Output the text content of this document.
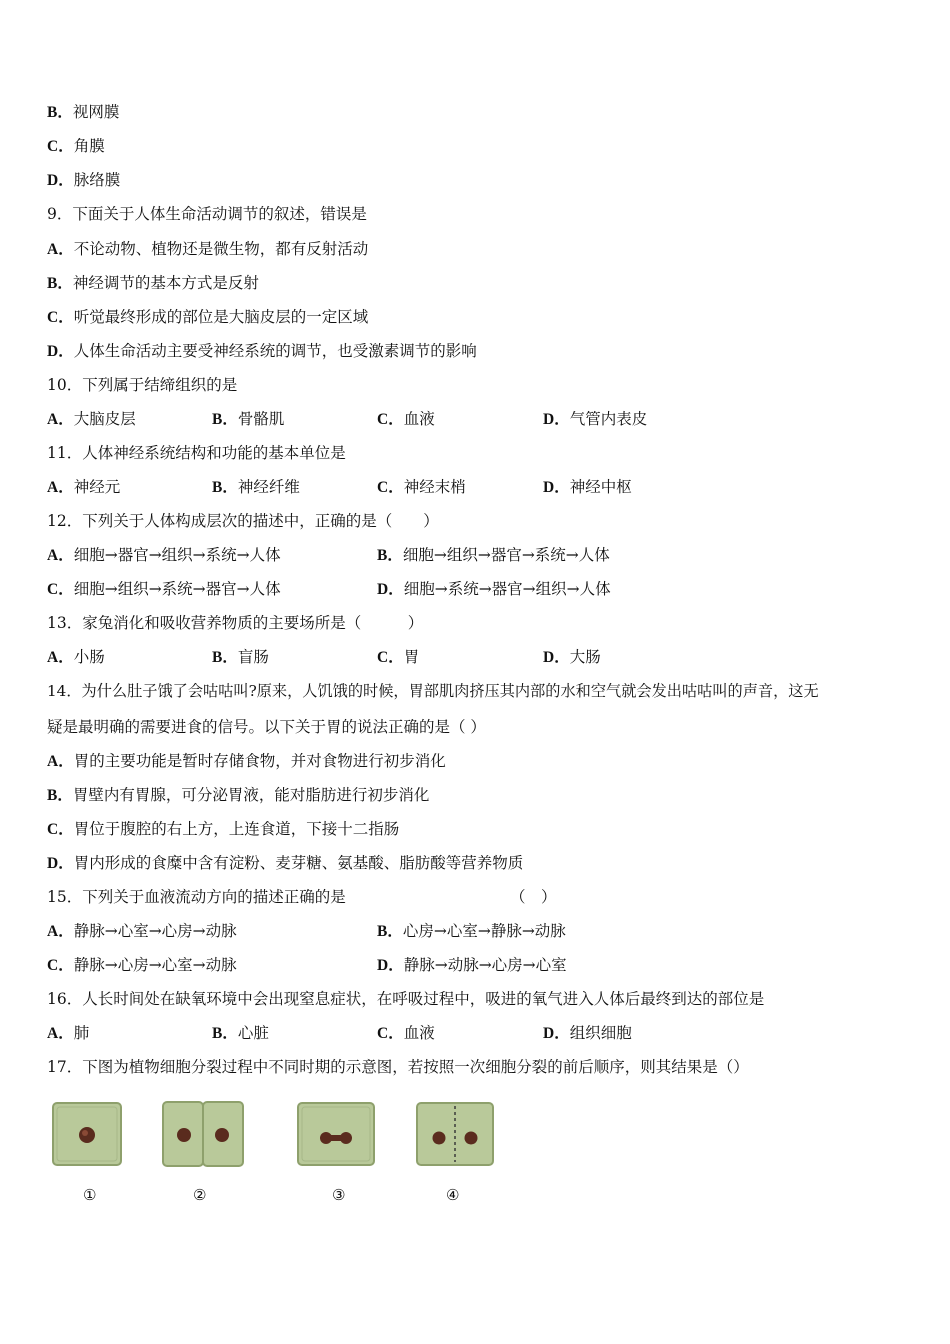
B．视网膜
C．角膜
D．脉络膜
9．下面关于人体生命活动调节的叙述，错误是
A．不论动物、植物还是微生物，都有反射活动
B．神经调节的基本方式是反射
C．听觉最终形成的部位是大脑皮层的一定区域
D．人体生命活动主要受神经系统的调节，也受激素调节的影响
10．下列属于结缔组织的是
A．大脑皮层	B．骨骼肌	C．血液	D．气管内表皮
11．人体神经系统结构和功能的基本单位是
A．神经元	B．神经纤维	C．神经末梢	D．神经中枢
12．下列关于人体构成层次的描述中，正确的是（　　）
A．细胞→器官→组织→系统→人体	B．细胞→组织→器官→系统→人体
C．细胞→组织→系统→器官→人体	D．细胞→系统→器官→组织→人体
13．家兔消化和吸收营养物质的主要场所是（　　　）
A．小肠	B．盲肠	C．胃	D．大肠
14．为什么肚子饿了会咕咕叫?原来，人饥饿的时候，胃部肌肉挤压其内部的水和空气就会发出咕咕叫的声音，这无
疑是最明确的需要进食的信号。以下关于胃的说法正确的是（ ）
A．胃的主要功能是暂时存储食物，并对食物进行初步消化
B．胃壁内有胃腺，可分泌胃液，能对脂肪进行初步消化
C．胃位于腹腔的右上方，上连食道，下接十二指肠
D．胃内形成的食糜中含有淀粉、麦芽糖、氨基酸、脂肪酸等营养物质
15．下列关于血液流动方向的描述正确的是	（　）
A．静脉→心室→心房→动脉	B．心房→心室→静脉→动脉
C．静脉→心房→心室→动脉	D．静脉→动脉→心房→心室
16．人长时间处在缺氧环境中会出现窒息症状，在呼吸过程中，吸进的氧气进入人体后最终到达的部位是
A．肺	B．心脏	C．血液	D．组织细胞
17．下图为植物细胞分裂过程中不同时期的示意图，若按照一次细胞分裂的前后顺序，则其结果是（）
①	②	③	④
